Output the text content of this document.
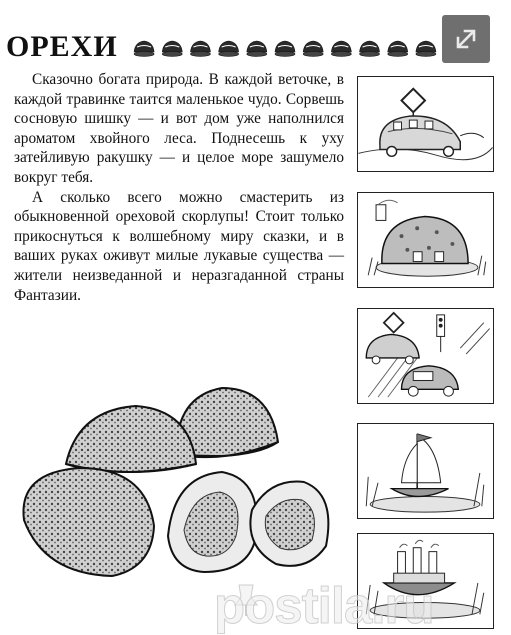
ОРЕХИ

Сказочно богата природа. В каждой веточке, в каждой травинке таится маленькое чудо. Сорвешь сосновую шишку — и вот дом уже наполнился ароматом хвойного леса. Поднесешь к уху затейливую ракушку — и целое море зашумело вокруг тебя.

А сколько всего можно смастерить из обыкновенной ореховой скорлупы! Стоит только прикоснуться к волшебному миру сказки, и в ваших руках оживут милые лукавые существа — жители неизведанной и неразгаданной страны Фантазии.

postila.ru
